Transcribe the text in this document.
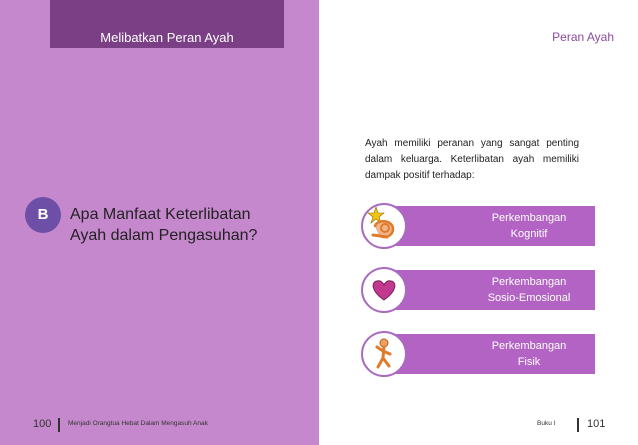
Melibatkan Peran Ayah
B	Apa Manfaat Keterlibatan
Ayah dalam Pengasuhan?
100	Menjadi Orangtua Hebat Dalam Mengasuh Anak
Peran Ayah
Ayah memiliki peranan yang sangat penting dalam keluarga. Keterlibatan ayah memiliki dampak positif terhadap:
Perkembangan
Kognitif
Perkembangan
Sosio-Emosional
Perkembangan
Fisik
Buku I	101
